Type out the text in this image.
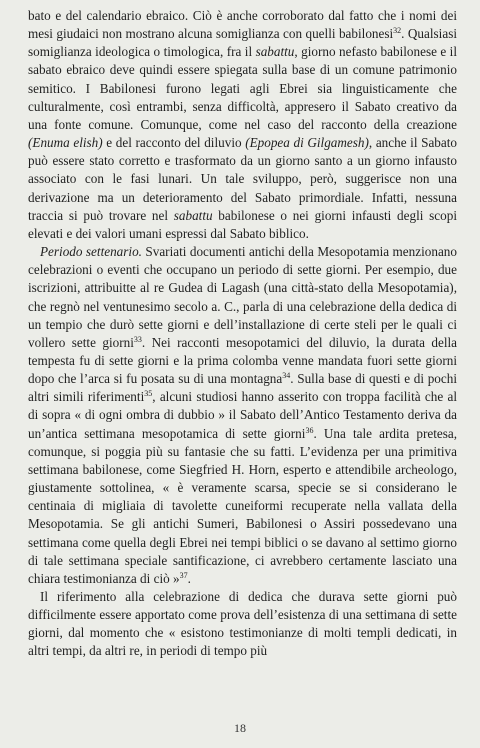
bato e del calendario ebraico. Ciò è anche corroborato dal fatto che i nomi dei mesi giudaici non mostrano alcuna somiglianza con quelli babilonesi$^{32}$. Qualsiasi somiglianza ideologica o timologica, fra il sabattu, giorno nefasto babilonese e il sabato ebraico deve quindi essere spiegata sulla base di un comune patrimonio semitico. I Babilonesi furono legati agli Ebrei sia linguisticamente che culturalmente, così entrambi, senza difficoltà, appresero il Sabato creativo da una fonte comune. Comunque, come nel caso del racconto della creazione (Enuma elish) e del racconto del diluvio (Epopea di Gilgamesh), anche il Sabato può essere stato corretto e trasformato da un giorno santo a un giorno infausto associato con le fasi lunari. Un tale sviluppo, però, suggerisce non una derivazione ma un deterioramento del Sabato primordiale. Infatti, nessuna traccia si può trovare nel sabattu babilonese o nei giorni infausti degli scopi elevati e dei valori umani espressi dal Sabato biblico.

Periodo settenario. Svariati documenti antichi della Mesopotamia menzionano celebrazioni o eventi che occupano un periodo di sette giorni. Per esempio, due iscrizioni, attribuitte al re Gudea di Lagash (una città-stato della Mesopotamia), che regnò nel ventunesimo secolo a. C., parla di una celebrazione della dedica di un tempio che durò sette giorni e dell’installazione di certe steli per le quali ci vollero sette giorni$^{33}$. Nei racconti mesopotamici del diluvio, la durata della tempesta fu di sette giorni e la prima colomba venne mandata fuori sette giorni dopo che l’arca si fu posata su di una montagna$^{34}$. Sulla base di questi e di pochi altri simili riferimenti$^{35}$, alcuni studiosi hanno asserito con troppa facilità che al di sopra « di ogni ombra di dubbio » il Sabato dell’Antico Testamento deriva da un’antica settimana mesopotamica di sette giorni$^{36}$. Una tale ardita pretesa, comunque, si poggia più su fantasie che su fatti. L’evidenza per una primitiva settimana babilonese, come Siegfried H. Horn, esperto e attendibile archeologo, giustamente sottolinea, « è veramente scarsa, specie se si considerano le centinaia di migliaia di tavolette cuneiformi recuperate nella vallata della Mesopotamia. Se gli antichi Sumeri, Babilonesi o Assiri possedevano una settimana come quella degli Ebrei nei tempi biblici o se davano al settimo giorno di tale settimana speciale santificazione, ci avrebbero certamente lasciato una chiara testimonianza di ciò »$^{37}$.

Il riferimento alla celebrazione di dedica che durava sette giorni può difficilmente essere apportato come prova dell’esistenza di una settimana di sette giorni, dal momento che « esistono testimonianze di molti templi dedicati, in altri tempi, da altri re, in periodi di tempo più

18
